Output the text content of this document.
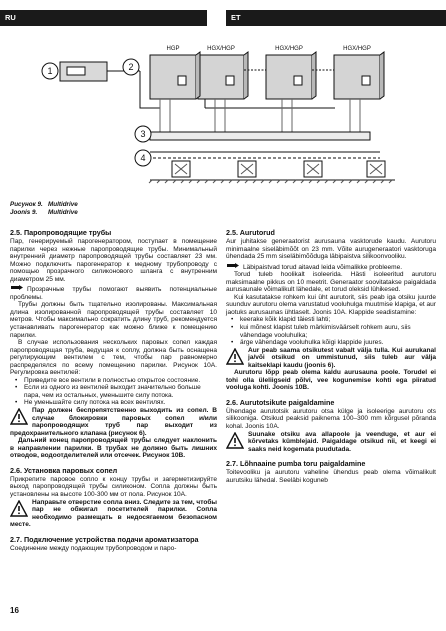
RU	ET
HGP	HGX/HGP	HGX/HGP	HGX/HGP
1	2
3
4
Рисунок 9. Multidrive
Joonis 9. Multidrive
2.5. Паропроводящие трубы

Пар, генерируемый парогенератором, поступает в помещение парилки через нежные паропроводящие трубы. Минимальный внутренний диаметр паропроводящей трубы составляет 23 мм. Можно подключить парогенератор к медному трубопроводу с помощью прозрачного силиконового шланга с внутренним диаметром 25 мм.

Прозрачные трубы помогают выявить потенциальные проблемы.

Трубы должны быть тщательно изолированы. Максимальная длина изолированной паропроводящей трубы составляет 10 метров. Чтобы максимально сократить длину труб, рекомендуется устанавливать парогенератор как можно ближе к помещению парилки.

В случае использования нескольких паровых сопел каждая паропроводящая труба, ведущая к соплу, должна быть оснащена регулирующим вентилем с тем, чтобы пар равномерно распределялся по всему помещению парилки. Рисунок 10A. Регулировка вентилей:

• Приведите все вентили в полностью открытое состояние.
• Если из одного из вентилей выходит значительно больше пара, чем из остальных, уменьшите силу потока.
• Не уменьшайте силу потока на всех вентилях.

Пар должен беспрепятственно выходить из сопел. В случае блокировки паровых сопел и/или паропроводящих труб пар выходит из предохранительного клапана (рисунок 6).

Дальний конец паропроводящей трубы следует наклонить в направлении парилки. В трубах не должно быть лишних отводов, водоотделителей или отсечек. Рисунок 10B.

2.6. Установка паровых сопел

Прикрепите паровое сопло к концу трубы и загерметизируйте выход паропроводящей трубы силиконом. Сопла должны быть установлены на высоте 100-300 мм от пола. Рисунок 10A.

Направьте отверстие сопла вниз. Следите за тем, чтобы пар не обжигал посетителей парилки. Сопла необходимо размещать в недосягаемом безопасном месте.

2.7. Подключение устройства подачи ароматизатора

Соединение между подающим трубопроводом и паро-

2.5. Aurutorud

Aur juhitakse generaatorist aurusauna vasktorude kaudu. Aurutoru minimaalne siseläbimõõt on 23 mm. Võite aurugeneraatori vasktoruga ühendada 25 mm siseläbimõõduga läbipaistva silikoonvooliku.

Läbipaistvad torud aitavad leida võimalikke probleeme.

Torud tuleb hoolikalt isoleerida. Hästi isoleeritud aurutoru maksimaalne pikkus on 10 meetrit. Generaator soovitatakse paigaldada aurusaunale võimalikult lähedale, et torud oleksid lühikesed.

Kui kasutatakse rohkem kui üht aurutorit, siis peab iga otsiku juurde suunduv aurutoru olema varustatud vooluhulga muutmise klapiga, et aur jaotuks aurusaunas ühtlaselt. Joonis 10A. Klappide seadistamine:

• keerake kõik klapid täiesti lahti;
• kui mõnest klapist tuleb märkimisväärselt rohkem auru, siis vähendage vooluhulka;
• ärge vähendage vooluhulka kõigi klappide juures.

Aur peab saama otsikutest vabalt välja tulla. Kui aurukanal ja/või otsikud on ummistunud, siis tuleb aur välja kaitseklapi kaudu (joonis 6).

Aurutoru lõpp peab olema kaldu aurusauna poole. Torudel ei tohi olla üleliigseid põlvi, vee kogunemise kohti ega piiratud vooluga kohti. Joonis 10B.

2.6. Aurutotsikute paigaldamine

Ühendage aurutotsik aurutoru otsa külge ja isoleerige aurutoru ots silikooniga. Otsikud peaksid paiknema 100–300 mm kõrgusel põranda kohal. Joonis 10A.

Suunake otsiku ava allapoole ja veenduge, et aur ei kõrvetaks kümblejaid. Paigaldage otsikud nii, et keegi ei saaks neid kogemata puudutada.

2.7. Lõhnaaine pumba toru paigaldamine

Toitevooliku ja aurutoru vaheline ühendus peab olema võimalikult aurutsiku lähedal. Seeläbi koguneb

16
